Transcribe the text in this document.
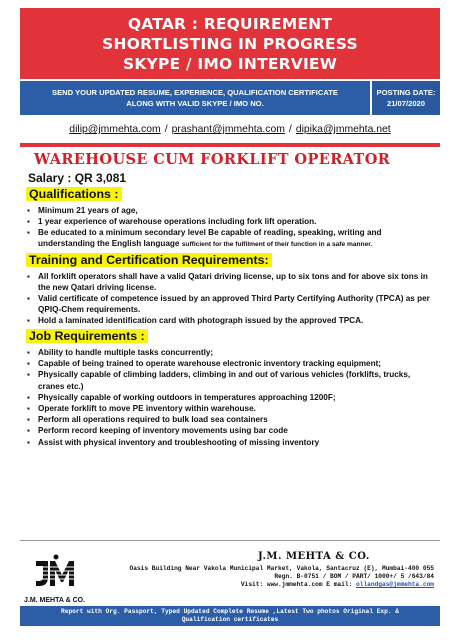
QATAR : REQUIREMENT
SHORTLISTING IN PROGRESS
SKYPE / IMO INTERVIEW
SEND YOUR UPDATED RESUME, EXPERIENCE, QUALIFICATION CERTIFICATE
ALONG WITH VALID SKYPE / IMO NO.
POSTING DATE:
21/07/2020
dilip@jmmehta.com / prashant@jmmehta.com / dipika@jmmehta.net
WAREHOUSE CUM FORKLIFT OPERATOR
Salary : QR 3,081
Qualifications :
▪ Minimum 21 years of age,
▪ 1 year experience of warehouse operations including fork lift operation.
▪ Be educated to a minimum secondary level Be capable of reading, speaking, writing and understanding the English language sufficient for the fulfilment of their function in a safe manner.
Training and Certification Requirements:
▪ All forklift operators shall have a valid Qatari driving license, up to six tons and for above six tons in the new Qatari driving license.
▪ Valid certificate of competence issued by an approved Third Party Certifying Authority (TPCA) as per QPIQ-Chem requirements.
▪ Hold a laminated identification card with photograph issued by the approved TPCA.
Job Requirements :
▪ Ability to handle multiple tasks concurrently;
▪ Capable of being trained to operate warehouse electronic inventory tracking equipment;
▪ Physically capable of climbing ladders, climbing in and out of various vehicles (forklifts, trucks, cranes etc.)
▪ Physically capable of working outdoors in temperatures approaching 1200F;
▪ Operate forklift to move PE inventory within warehouse.
▪ Perform all operations required to bulk load sea containers
▪ Perform record keeping of inventory movements using bar code
▪ Assist with physical inventory and troubleshooting of missing inventory
J.M. MEHTA & CO.
J.M. MEHTA & CO.
Oasis Building Near Vakola Municipal Market, Vakola, Santacruz (E), Mumbai-400 055
Regn. B-0751 / BOM / PART/ 1000+/ 5 /643/84
Visit: www.jmmehta.com E mail: ollandgas@jmmehta.com
Report with Org. Passport, Typed Updated Complete Resume ,Latest Two photos Original Exp. &
Qualification certificates
